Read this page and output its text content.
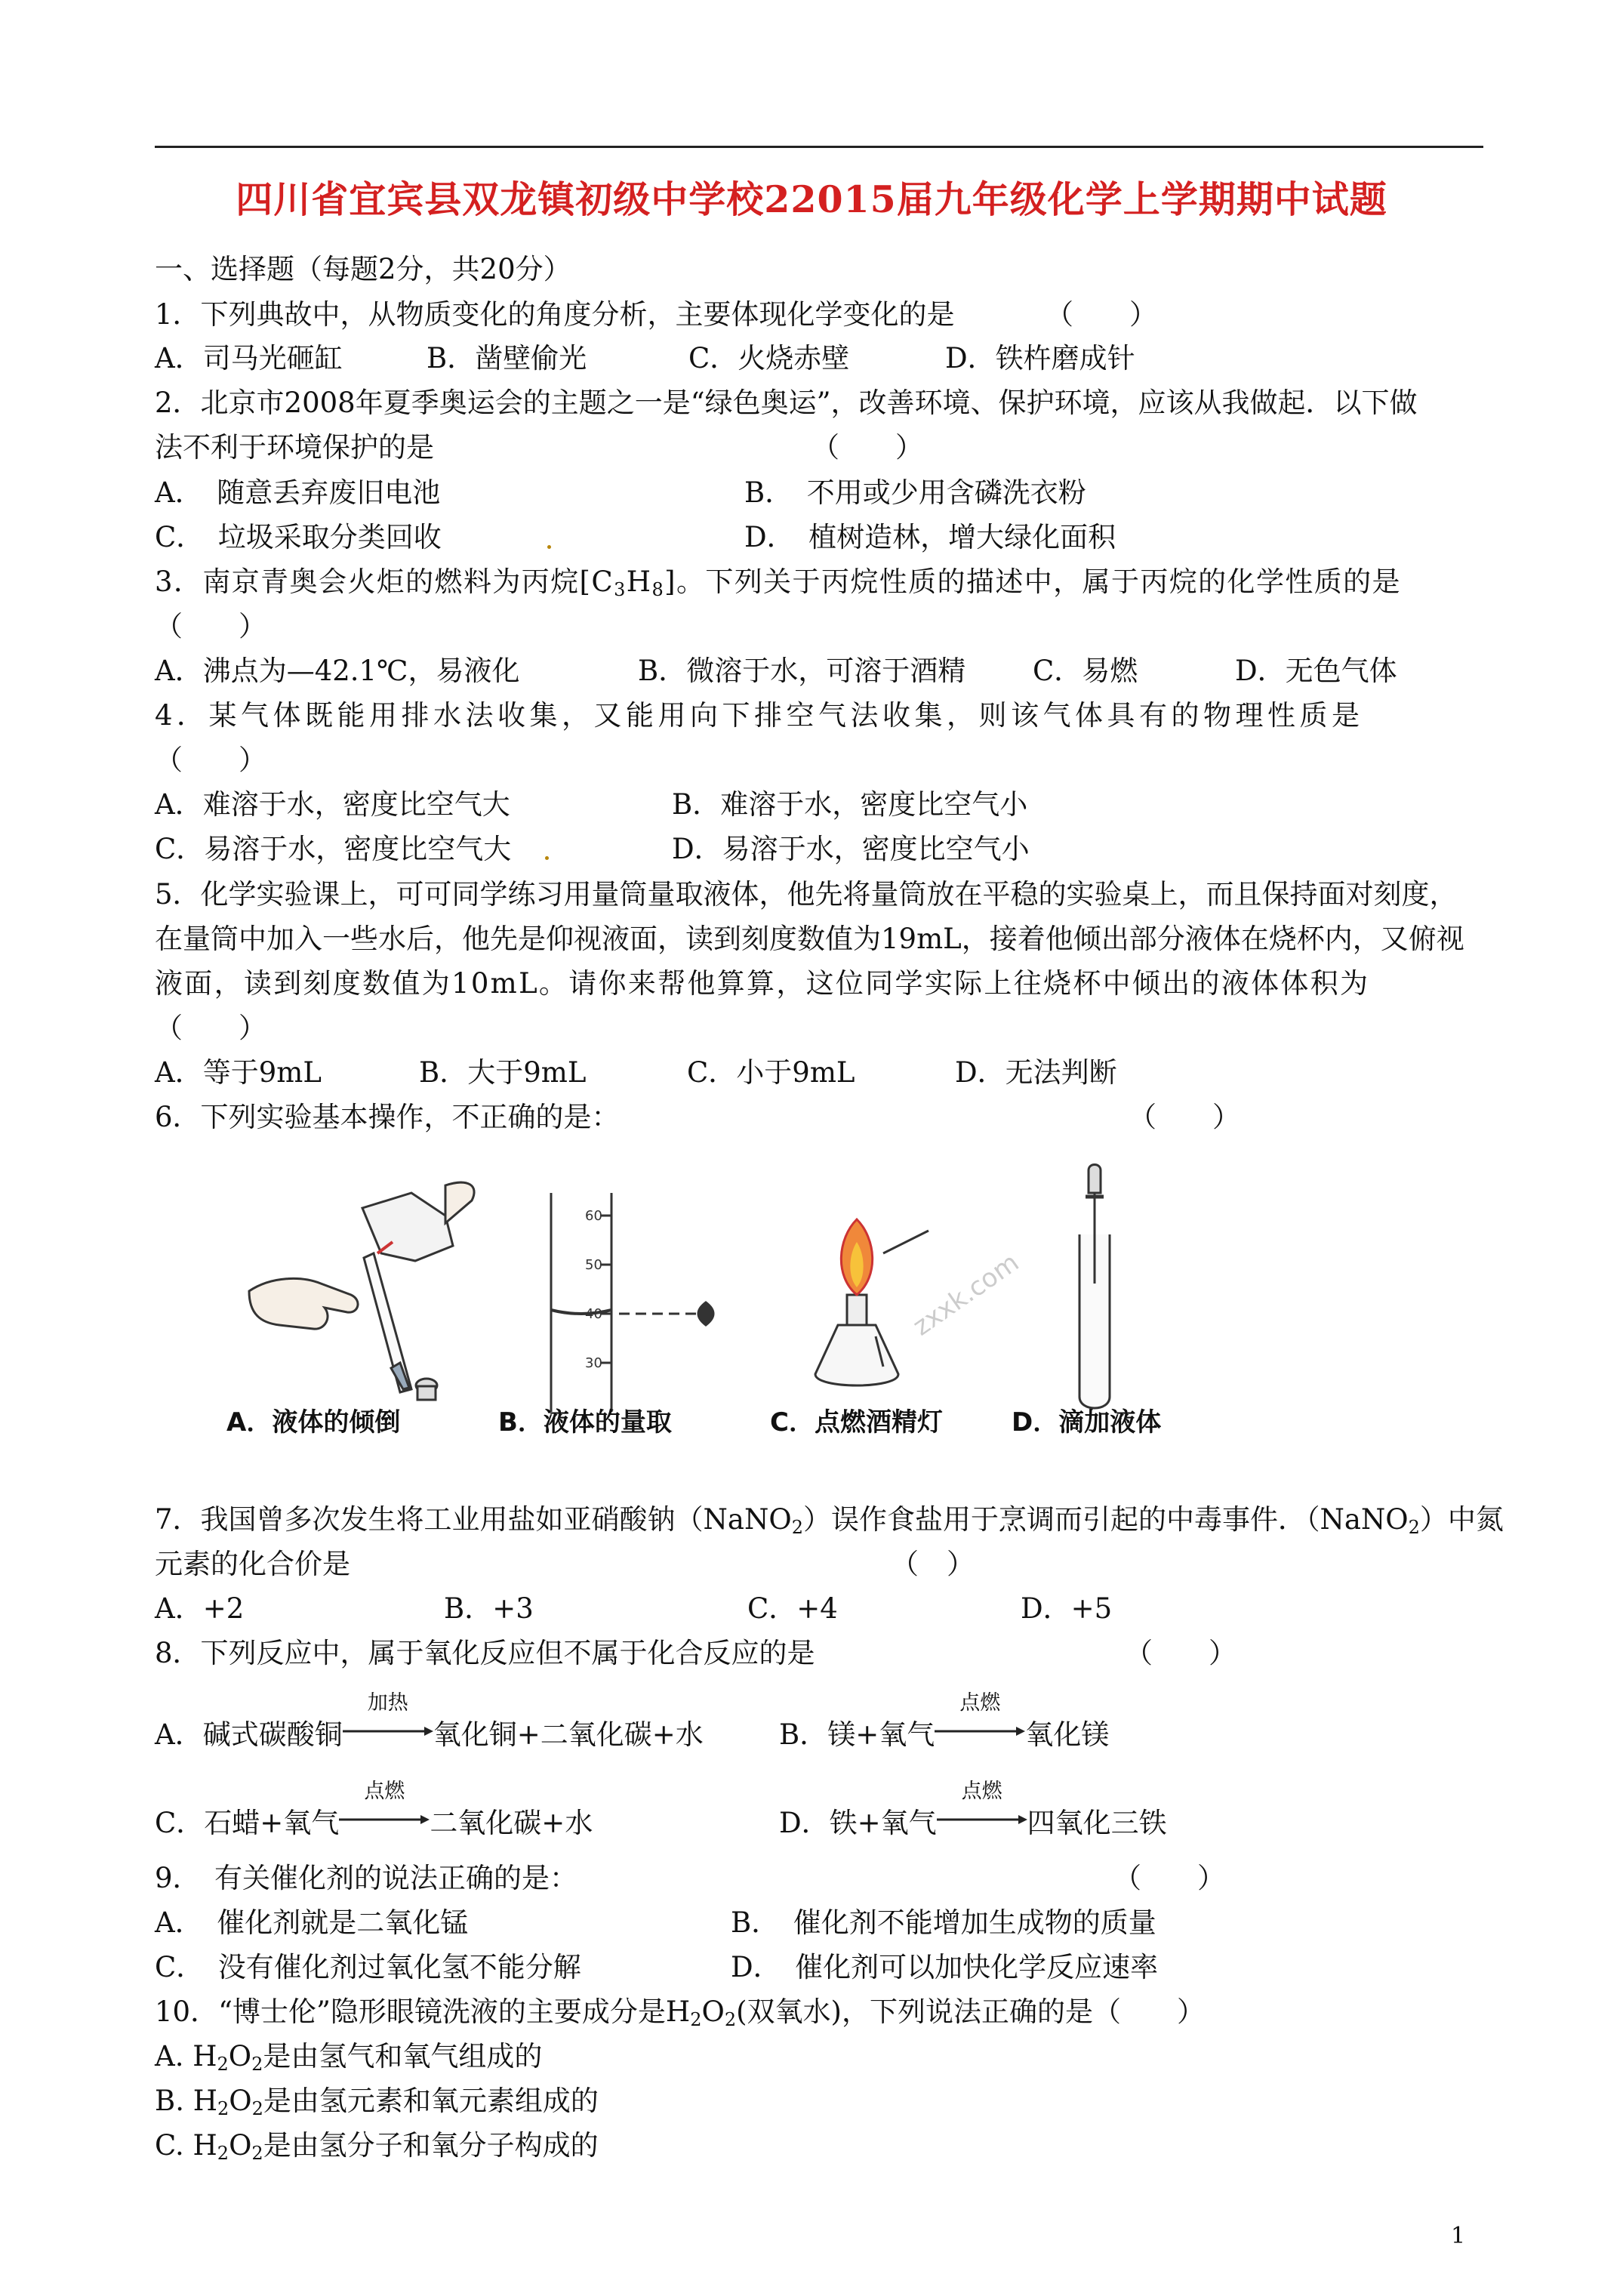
四川省宜宾县双龙镇初级中学校22015届九年级化学上学期期中试题
一、选择题（每题2分，共20分）
1．下列典故中，从物质变化的角度分析，主要体现化学变化的是	（　　）
A．司马光砸缸	B．凿壁偷光	C．火烧赤壁	D．铁杵磨成针
2．北京市2008年夏季奥运会的主题之一是“绿色奥运”，改善环境、保护环境，应该从我做起．以下做
法不利于环境保护的是	（　　）
A．　随意丢弃废旧电池	B．　不用或少用含磷洗衣粉
C．　垃圾采取分类回收	D．　植树造林，增大绿化面积
3．南京青奥会火炬的燃料为丙烷$[C_3H_8]$。下列关于丙烷性质的描述中，属于丙烷的化学性质的是
（　　）
A．沸点为—42.1℃，易液化	B．微溶于水，可溶于酒精 C．易燃	D．无色气体
4．某气体既能用排水法收集，又能用向下排空气法收集，则该气体具有的物理性质是
（　　）
A．难溶于水，密度比空气大	B．难溶于水，密度比空气小
C．易溶于水，密度比空气大	D．易溶于水，密度比空气小
5．化学实验课上，可可同学练习用量筒量取液体，他先将量筒放在平稳的实验桌上，而且保持面对刻度，
在量筒中加入一些水后，他先是仰视液面，读到刻度数值为19mL，接着他倾出部分液体在烧杯内，又俯视
液面，读到刻度数值为10mL。请你来帮他算算，这位同学实际上往烧杯中倾出的液体体积为
（　　）
A．等于9mL	B．大于9mL	C．小于9mL	D．无法判断
6．下列实验基本操作，不正确的是：	（　　）
60
50
40
30
zxxk.com
A．液体的倾倒	B．液体的量取	C．点燃酒精灯	D．滴加液体
7．我国曾多次发生将工业用盐如亚硝酸钠（NaNO$_2$）误作食盐用于烹调而引起的中毒事件．（NaNO$_2$）中氮
元素的化合价是	（　）
A．+2	B．+3	C．+4	D．+5
8．下列反应中，属于氧化反应但不属于化合反应的是	（　　）
A．碱式碳酸铜
加热
氧化铜+二氧化碳+水	B．镁+氧气
点燃
氧化镁
C．石蜡+氧气
点燃
二氧化碳+水	D．铁+氧气
点燃
四氧化三铁
9．　有关催化剂的说法正确的是：	（　　）
A．　催化剂就是二氧化锰	B．　催化剂不能增加生成物的质量
C．　没有催化剂过氧化氢不能分解	D．　催化剂可以加快化学反应速率
10．“博士伦”隐形眼镜洗液的主要成分是$H_2O_2$(双氧水)，下列说法正确的是（　　）
A. $H_2O_2$是由氢气和氧气组成的
B. $H_2O_2$是由氢元素和氧元素组成的
C. $H_2O_2$是由氢分子和氧分子构成的
1
